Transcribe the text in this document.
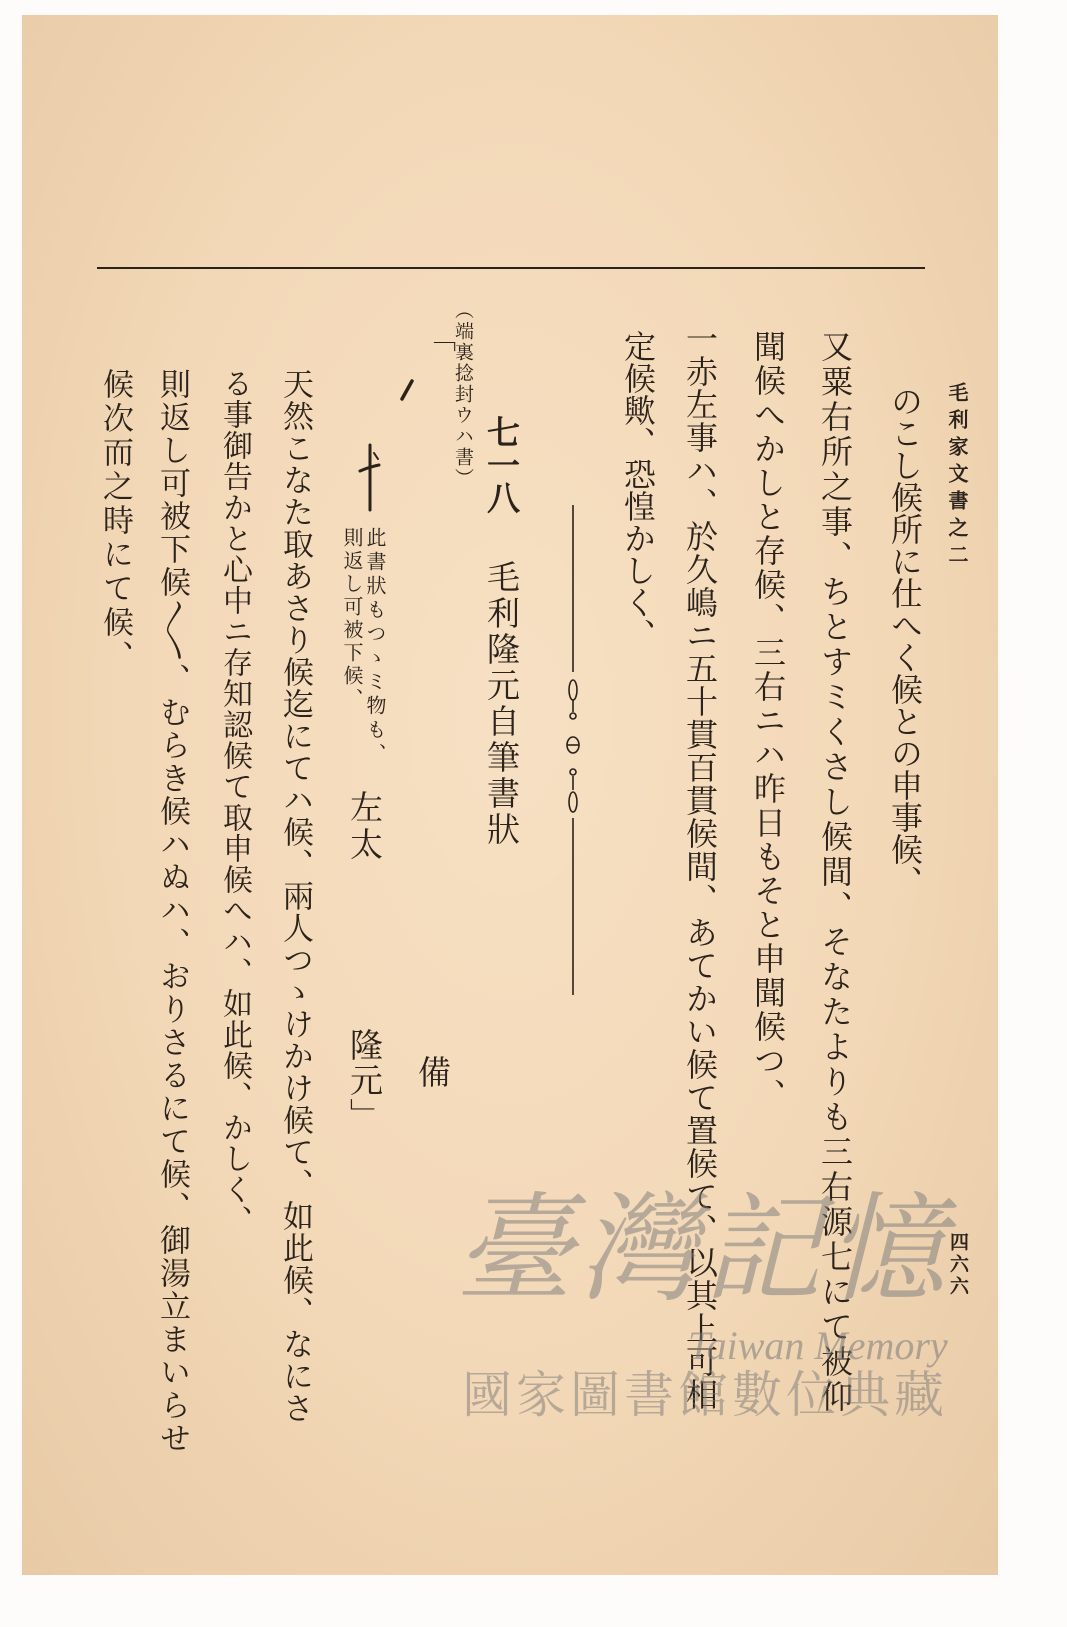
毛利家文書之二
四六六
のこし候所に仕へく候との申事候、
又粟右所之事、ちとすミくさし候間、そなたよりも三右源七にて被仰
聞候へかしと存候、三右ニハ昨日もそと申聞候つ、
一赤左事ハ、於久嶋ニ五十貫百貫候間、あてかい候て置候て、以其上可相
定候歟、恐惶かしく、
七一八
毛利隆元自筆書狀
（端裏捻封ウハ書）
「
此書狀もつゝミ物も、
則返し可被下候、
左太
備
隆元」
天然こなた取あさり候迄にてハ候、兩人つゝけかけ候て、如此候、なにさ
る事御告かと心中ニ存知認候て取申候へハ、如此候、かしく、
則返し可被下候〱、むらき候ハぬハ、おりさるにて候、御湯立まいらせ
候次而之時にて候、
臺灣記憶
Taiwan Memory
國家圖書館數位典藏
